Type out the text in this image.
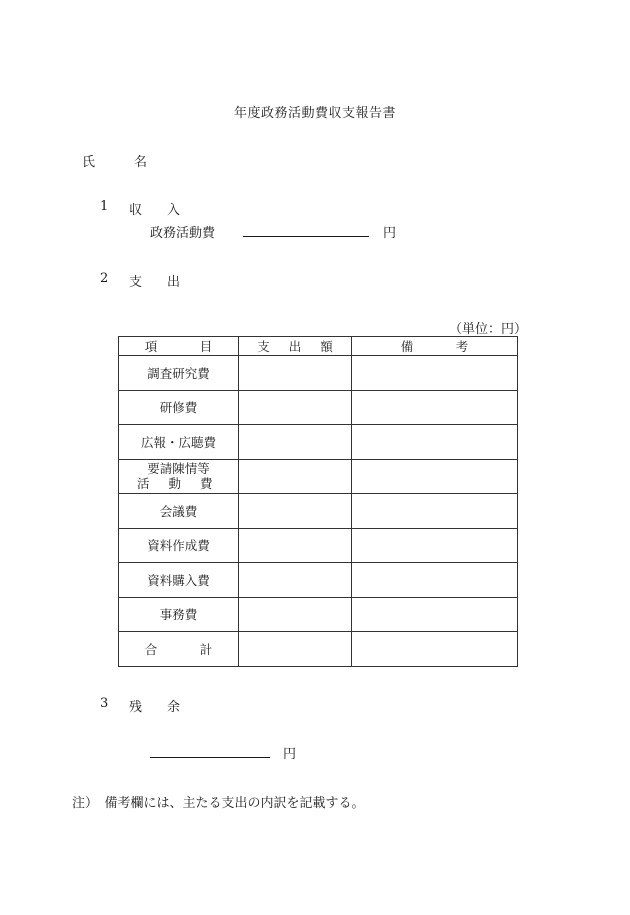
年度政務活動費収支報告書
氏　　　名
1 収　入
政務活動費	円
2 支　出
（単位：円）
項　目	支 出 額	備　考
調査研究費		
研修費		
広報・広聴費		

要請陳情等
活 動 費		

会議費		
資料作成費		
資料購入費		
事務費		
合　計		
3 残　余
円
注）　備考欄には、主たる支出の内訳を記載する。
